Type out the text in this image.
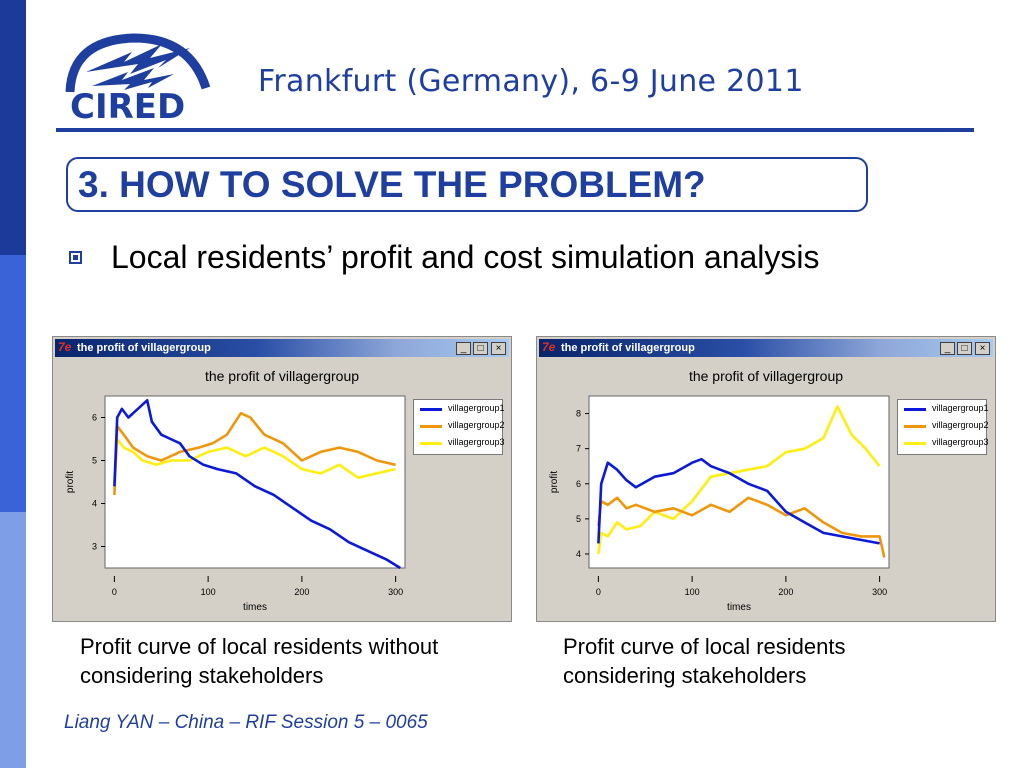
CIRED
Frankfurt (Germany), 6-9 June 2011
3. HOW TO SOLVE THE PROBLEM?
Local residents’ profit and cost simulation analysis
7e the profit of villagergroup	_	□	×
the profit of villagergroup
3
4
5
6
0	100	200	300
times
profit
villagergroup1
villagergroup2
villagergroup3
7e the profit of villagergroup	_	□	×
the profit of villagergroup
4
5
6
7
8
0	100	200	300
times
profit
villagergroup1
villagergroup2
villagergroup3
Profit curve of local residents without considering stakeholders
Profit curve of local residents considering stakeholders
Liang YAN – China – RIF Session 5 – 0065
